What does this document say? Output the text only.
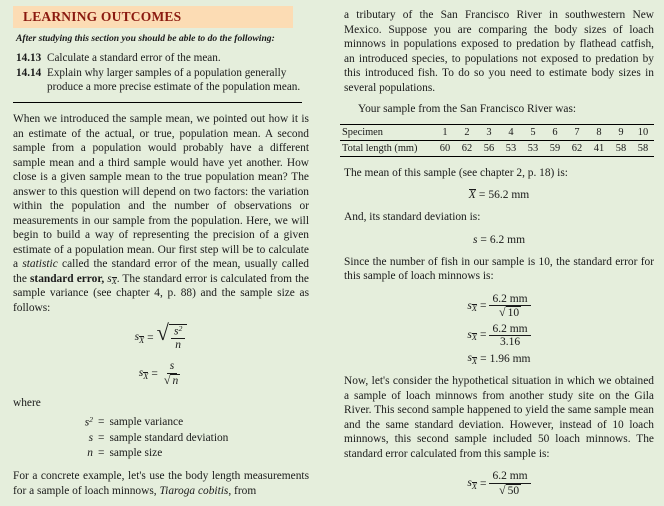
LEARNING OUTCOMES
After studying this section you should be able to do the following:
14.13 Calculate a standard error of the mean.
14.14 Explain why larger samples of a population generally produce a more precise estimate of the population mean.

When we introduced the sample mean, we pointed out how it is an estimate of the actual, or true, population mean. A second sample from a population would probably have a different sample mean and a third sample would have yet another. How close is a given sample mean to the true population mean? The answer to this question will depend on two factors: the variation within the population and the number of observations or measurements in our sample from the population. Here, we will begin to build a way of representing the precision of a given estimate of a population mean. Our first step will be to calculate a statistic called the standard error of the mean, usually called the standard error, sX. The standard error is calculated from the sample variance (see chapter 4, p. 88) and the sample size as follows:

sX = √ $\frac{s^2}{n}$
sX = $\frac{s}{√ n}$
where
$s^2$ = sample variance
s = sample standard deviation
n = sample size

For a concrete example, let's use the body length measurements for a sample of loach minnows, Tiaroga cobitis, from

a tributary of the San Francisco River in southwestern New Mexico. Suppose you are comparing the body sizes of loach minnows in populations exposed to predation by flathead catfish, an introduced species, to populations not exposed to predation by this introduced fish. To do so you need to estimate body sizes in several populations.

Your sample from the San Francisco River was:

Specimen	1	2	3	4	5	6	7	8	9	10
Total length (mm)	60	62	56	53	53	59	62	41	58	58

The mean of this sample (see chapter 2, p. 18) is:

X = 56.2 mm

And, its standard deviation is:

s = 6.2 mm

Since the number of fish in our sample is 10, the standard error for this sample of loach minnows is:

sX = $\frac{6.2 mm}{√ 10}$
sX = $\frac{6.2 mm}{3.16}$
sX = 1.96 mm

Now, let's consider the hypothetical situation in which we obtained a sample of loach minnows from another study site on the Gila River. This second sample happened to yield the same sample mean and the same standard deviation. However, instead of 10 loach minnows, this second sample included 50 loach minnows. The standard error calculated from this sample is:

sX = $\frac{6.2 mm}{√ 50}$
